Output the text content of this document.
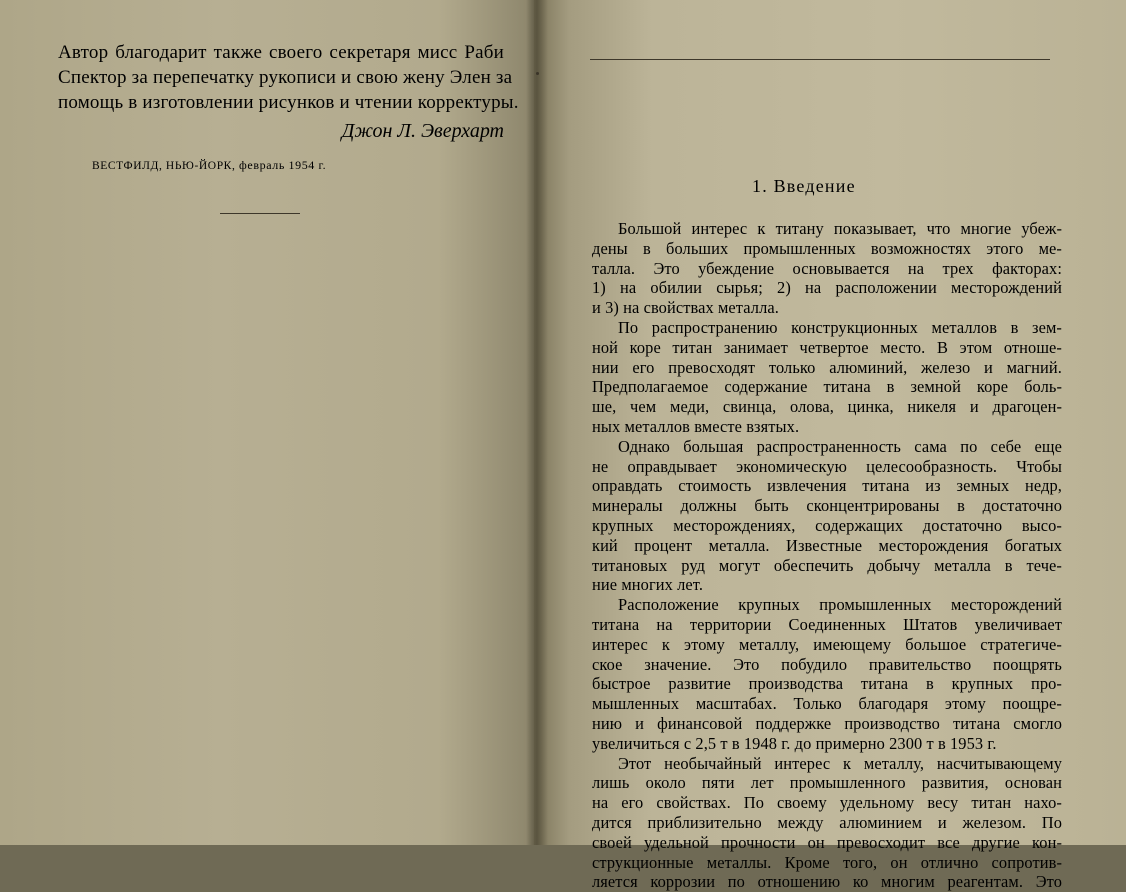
Автор благодарит также своего секретаря мисс Раби
Спектор за перепечатку рукописи и свою жену Элен за
помощь в изготовлении рисунков и чтении корректуры.
Джон Л. Эверхарт
ВЕСТФИЛД, НЬЮ-ЙОРК, февраль 1954 г.
1. Введение
Большой интерес к титану показывает, что многие убеж-
дены в больших промышленных возможностях этого ме-
талла. Это убеждение основывается на трех факторах:
1) на обилии сырья; 2) на расположении месторождений
и 3) на свойствах металла.
По распространению конструкционных металлов в зем-
ной коре титан занимает четвертое место. В этом отноше-
нии его превосходят только алюминий, железо и магний.
Предполагаемое содержание титана в земной коре боль-
ше, чем меди, свинца, олова, цинка, никеля и драгоцен-
ных металлов вместе взятых.
Однако большая распространенность сама по себе еще
не оправдывает экономическую целесообразность. Чтобы
оправдать стоимость извлечения титана из земных недр,
минералы должны быть сконцентрированы в достаточно
крупных месторождениях, содержащих достаточно высо-
кий процент металла. Известные месторождения богатых
титановых руд могут обеспечить добычу металла в тече-
ние многих лет.
Расположение крупных промышленных месторождений
титана на территории Соединенных Штатов увеличивает
интерес к этому металлу, имеющему большое стратегиче-
ское значение. Это побудило правительство поощрять
быстрое развитие производства титана в крупных про-
мышленных масштабах. Только благодаря этому поощре-
нию и финансовой поддержке производство титана смогло
увеличиться с 2,5 т в 1948 г. до примерно 2300 т в 1953 г.
Этот необычайный интерес к металлу, насчитывающему
лишь около пяти лет промышленного развития, основан
на его свойствах. По своему удельному весу титан нахо-
дится приблизительно между алюминием и железом. По
своей удельной прочности он превосходит все другие кон-
струкционные металлы. Кроме того, он отлично сопротив-
ляется коррозии по отношению ко многим реагентам. Это
